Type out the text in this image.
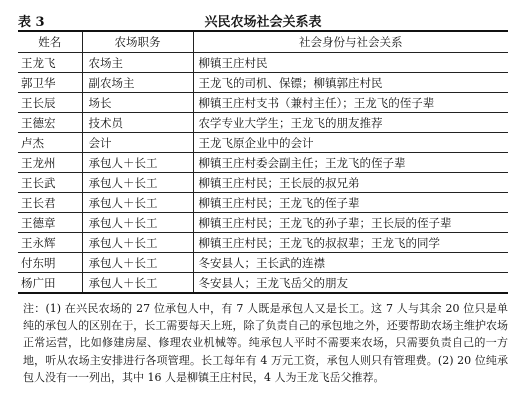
表 3	兴民农场社会关系表
姓名	农场职务	社会身份与社会关系
王龙飞	农场主	柳镇王庄村民
郭卫华	副农场主	王龙飞的司机、保镖；柳镇郭庄村民
王长辰	场长	柳镇王庄村支书（兼村主任）；王龙飞的侄子辈
王德宏	技术员	农学专业大学生；王龙飞的朋友推荐
卢杰	会计	王龙飞原企业中的会计
王龙州	承包人＋长工	柳镇王庄村委会副主任；王龙飞的侄子辈
王长武	承包人＋长工	柳镇王庄村民；王长辰的叔兄弟
王长君	承包人＋长工	柳镇王庄村民；王龙飞的侄子辈
王德章	承包人＋长工	柳镇王庄村民；王龙飞的孙子辈；王长辰的侄子辈
王永辉	承包人＋长工	柳镇王庄村民；王龙飞的叔叔辈；王龙飞的同学
付东明	承包人＋长工	冬安县人；王长武的连襟
杨广田	承包人＋长工	冬安县人；王龙飞岳父的朋友
注：(1) 在兴民农场的 27 位承包人中，有 7 人既是承包人又是长工。这 7 人与其余 20 位只是单纯的承包人的区别在于，长工需要每天上班，除了负责自己的承包地之外，还要帮助农场主维护农场正常运营，比如修建房屋、修理农业机械等。纯承包人平时不需要来农场，只需要负责自己的一方地，听从农场主安排进行各项管理。长工每年有 4 万元工资，承包人则只有管理费。(2) 20 位纯承包人没有一一列出，其中 16 人是柳镇王庄村民，4 人为王龙飞岳父推荐。
